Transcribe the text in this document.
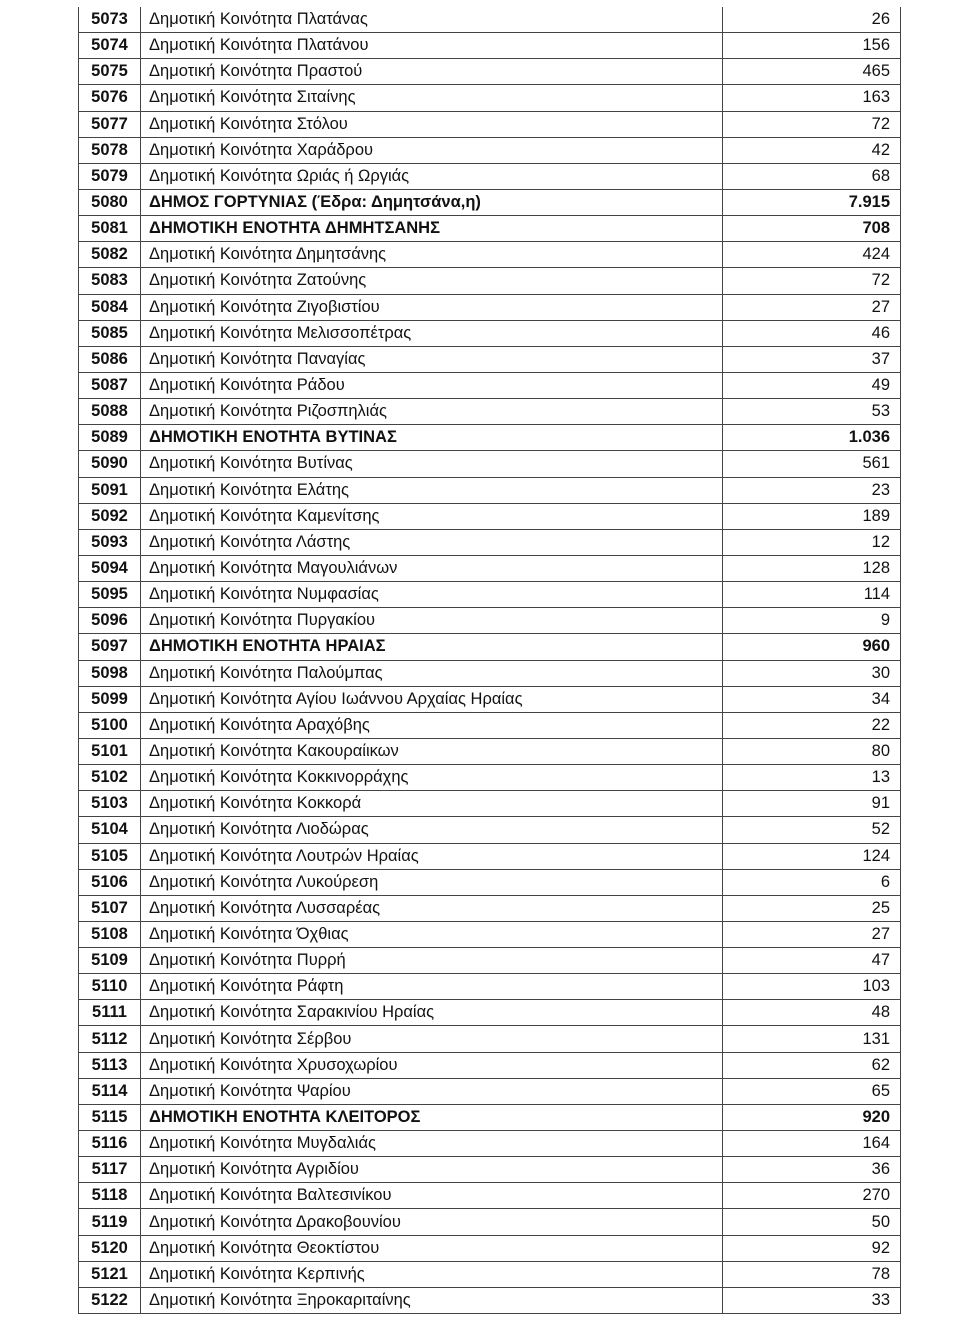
5073	Δημοτική Κοινότητα Πλατάνας	26
5074	Δημοτική Κοινότητα Πλατάνου	156
5075	Δημοτική Κοινότητα Πραστού	465
5076	Δημοτική Κοινότητα Σιταίνης	163
5077	Δημοτική Κοινότητα Στόλου	72
5078	Δημοτική Κοινότητα Χαράδρου	42
5079	Δημοτική Κοινότητα Ωριάς ή Ωργιάς	68
5080	ΔΗΜΟΣ ΓΟΡΤΥΝΙΑΣ (Έδρα: Δημητσάνα,η)	7.915
5081	ΔΗΜΟΤΙΚΗ ΕΝΟΤΗΤΑ ΔΗΜΗΤΣΑΝΗΣ	708
5082	Δημοτική Κοινότητα Δημητσάνης	424
5083	Δημοτική Κοινότητα Ζατούνης	72
5084	Δημοτική Κοινότητα Ζιγοβιστίου	27
5085	Δημοτική Κοινότητα Μελισσοπέτρας	46
5086	Δημοτική Κοινότητα Παναγίας	37
5087	Δημοτική Κοινότητα Ράδου	49
5088	Δημοτική Κοινότητα Ριζοσπηλιάς	53
5089	ΔΗΜΟΤΙΚΗ ΕΝΟΤΗΤΑ ΒΥΤΙΝΑΣ	1.036
5090	Δημοτική Κοινότητα Βυτίνας	561
5091	Δημοτική Κοινότητα Ελάτης	23
5092	Δημοτική Κοινότητα Καμενίτσης	189
5093	Δημοτική Κοινότητα Λάστης	12
5094	Δημοτική Κοινότητα Μαγουλιάνων	128
5095	Δημοτική Κοινότητα Νυμφασίας	114
5096	Δημοτική Κοινότητα Πυργακίου	9
5097	ΔΗΜΟΤΙΚΗ ΕΝΟΤΗΤΑ ΗΡΑΙΑΣ	960
5098	Δημοτική Κοινότητα Παλούμπας	30
5099	Δημοτική Κοινότητα Αγίου Ιωάννου Αρχαίας Ηραίας	34
5100	Δημοτική Κοινότητα Αραχόβης	22
5101	Δημοτική Κοινότητα Κακουραίικων	80
5102	Δημοτική Κοινότητα Κοκκινορράχης	13
5103	Δημοτική Κοινότητα Κοκκορά	91
5104	Δημοτική Κοινότητα Λιοδώρας	52
5105	Δημοτική Κοινότητα Λουτρών Ηραίας	124
5106	Δημοτική Κοινότητα Λυκούρεση	6
5107	Δημοτική Κοινότητα Λυσσαρέας	25
5108	Δημοτική Κοινότητα Όχθιας	27
5109	Δημοτική Κοινότητα Πυρρή	47
5110	Δημοτική Κοινότητα Ράφτη	103
5111	Δημοτική Κοινότητα Σαρακινίου Ηραίας	48
5112	Δημοτική Κοινότητα Σέρβου	131
5113	Δημοτική Κοινότητα Χρυσοχωρίου	62
5114	Δημοτική Κοινότητα Ψαρίου	65
5115	ΔΗΜΟΤΙΚΗ ΕΝΟΤΗΤΑ ΚΛΕΙΤΟΡΟΣ	920
5116	Δημοτική Κοινότητα Μυγδαλιάς	164
5117	Δημοτική Κοινότητα Αγριδίου	36
5118	Δημοτική Κοινότητα Βαλτεσινίκου	270
5119	Δημοτική Κοινότητα Δρακοβουνίου	50
5120	Δημοτική Κοινότητα Θεοκτίστου	92
5121	Δημοτική Κοινότητα Κερπινής	78
5122	Δημοτική Κοινότητα Ξηροκαριταίνης	33
